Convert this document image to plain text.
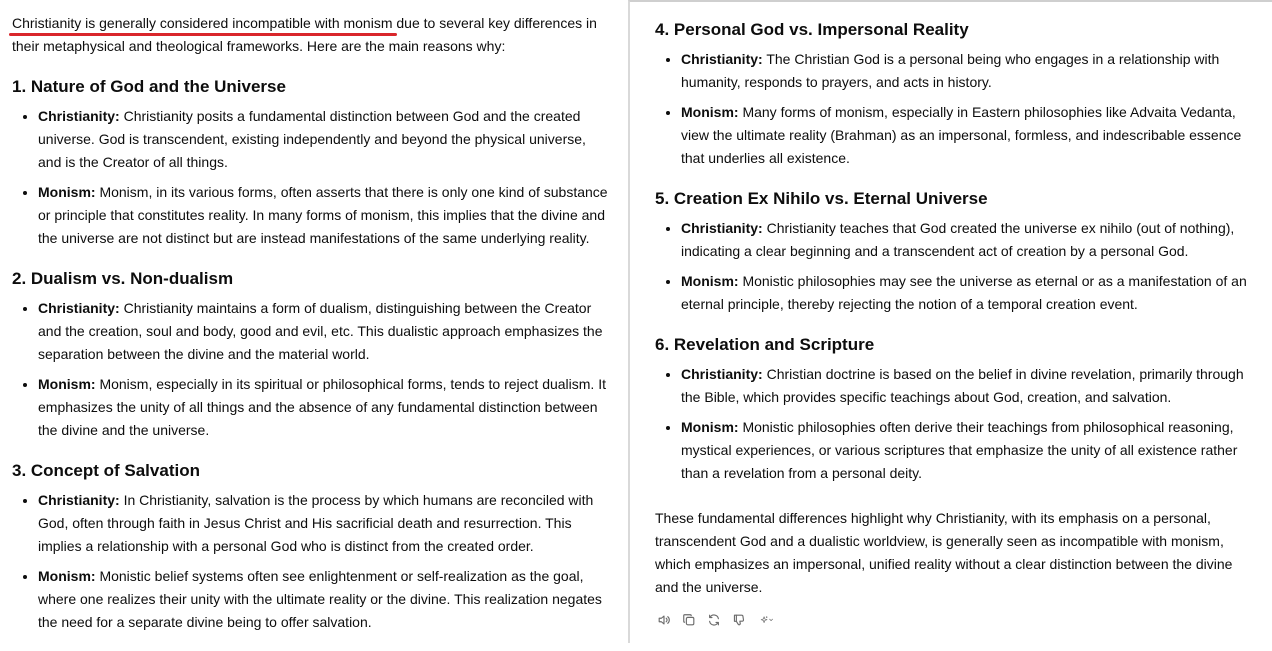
Christianity is generally considered incompatible with monism
due to several key differences in their metaphysical and theological frameworks. Here are the main reasons why:

1. Nature of God and the Universe
• Christianity: Christianity posits a fundamental distinction between God and the created universe. God is transcendent, existing independently and beyond the physical universe, and is the Creator of all things.
• Monism: Monism, in its various forms, often asserts that there is only one kind of substance or principle that constitutes reality. In many forms of monism, this implies that the divine and the universe are not distinct but are instead manifestations of the same underlying reality.
2. Dualism vs. Non-dualism
• Christianity: Christianity maintains a form of dualism, distinguishing between the Creator and the creation, soul and body, good and evil, etc. This dualistic approach emphasizes the separation between the divine and the material world.
• Monism: Monism, especially in its spiritual or philosophical forms, tends to reject dualism. It emphasizes the unity of all things and the absence of any fundamental distinction between the divine and the universe.
3. Concept of Salvation
• Christianity: In Christianity, salvation is the process by which humans are reconciled with God, often through faith in Jesus Christ and His sacrificial death and resurrection. This implies a relationship with a personal God who is distinct from the created order.
• Monism: Monistic belief systems often see enlightenment or self-realization as the goal, where one realizes their unity with the ultimate reality or the divine. This realization negates the need for a separate divine being to offer salvation.
4. Personal God vs. Impersonal Reality
• Christianity: The Christian God is a personal being who engages in a relationship with humanity, responds to prayers, and acts in history.
• Monism: Many forms of monism, especially in Eastern philosophies like Advaita Vedanta, view the ultimate reality (Brahman) as an impersonal, formless, and indescribable essence that underlies all existence.
5. Creation Ex Nihilo vs. Eternal Universe
• Christianity: Christianity teaches that God created the universe ex nihilo (out of nothing), indicating a clear beginning and a transcendent act of creation by a personal God.
• Monism: Monistic philosophies may see the universe as eternal or as a manifestation of an eternal principle, thereby rejecting the notion of a temporal creation event.
6. Revelation and Scripture
• Christianity: Christian doctrine is based on the belief in divine revelation, primarily through the Bible, which provides specific teachings about God, creation, and salvation.
• Monism: Monistic philosophies often derive their teachings from philosophical reasoning, mystical experiences, or various scriptures that emphasize the unity of all existence rather than a revelation from a personal deity.

These fundamental differences highlight why Christianity, with its emphasis on a personal, transcendent God and a dualistic worldview, is generally seen as incompatible with monism, which emphasizes an impersonal, unified reality without a clear distinction between the divine and the universe.
